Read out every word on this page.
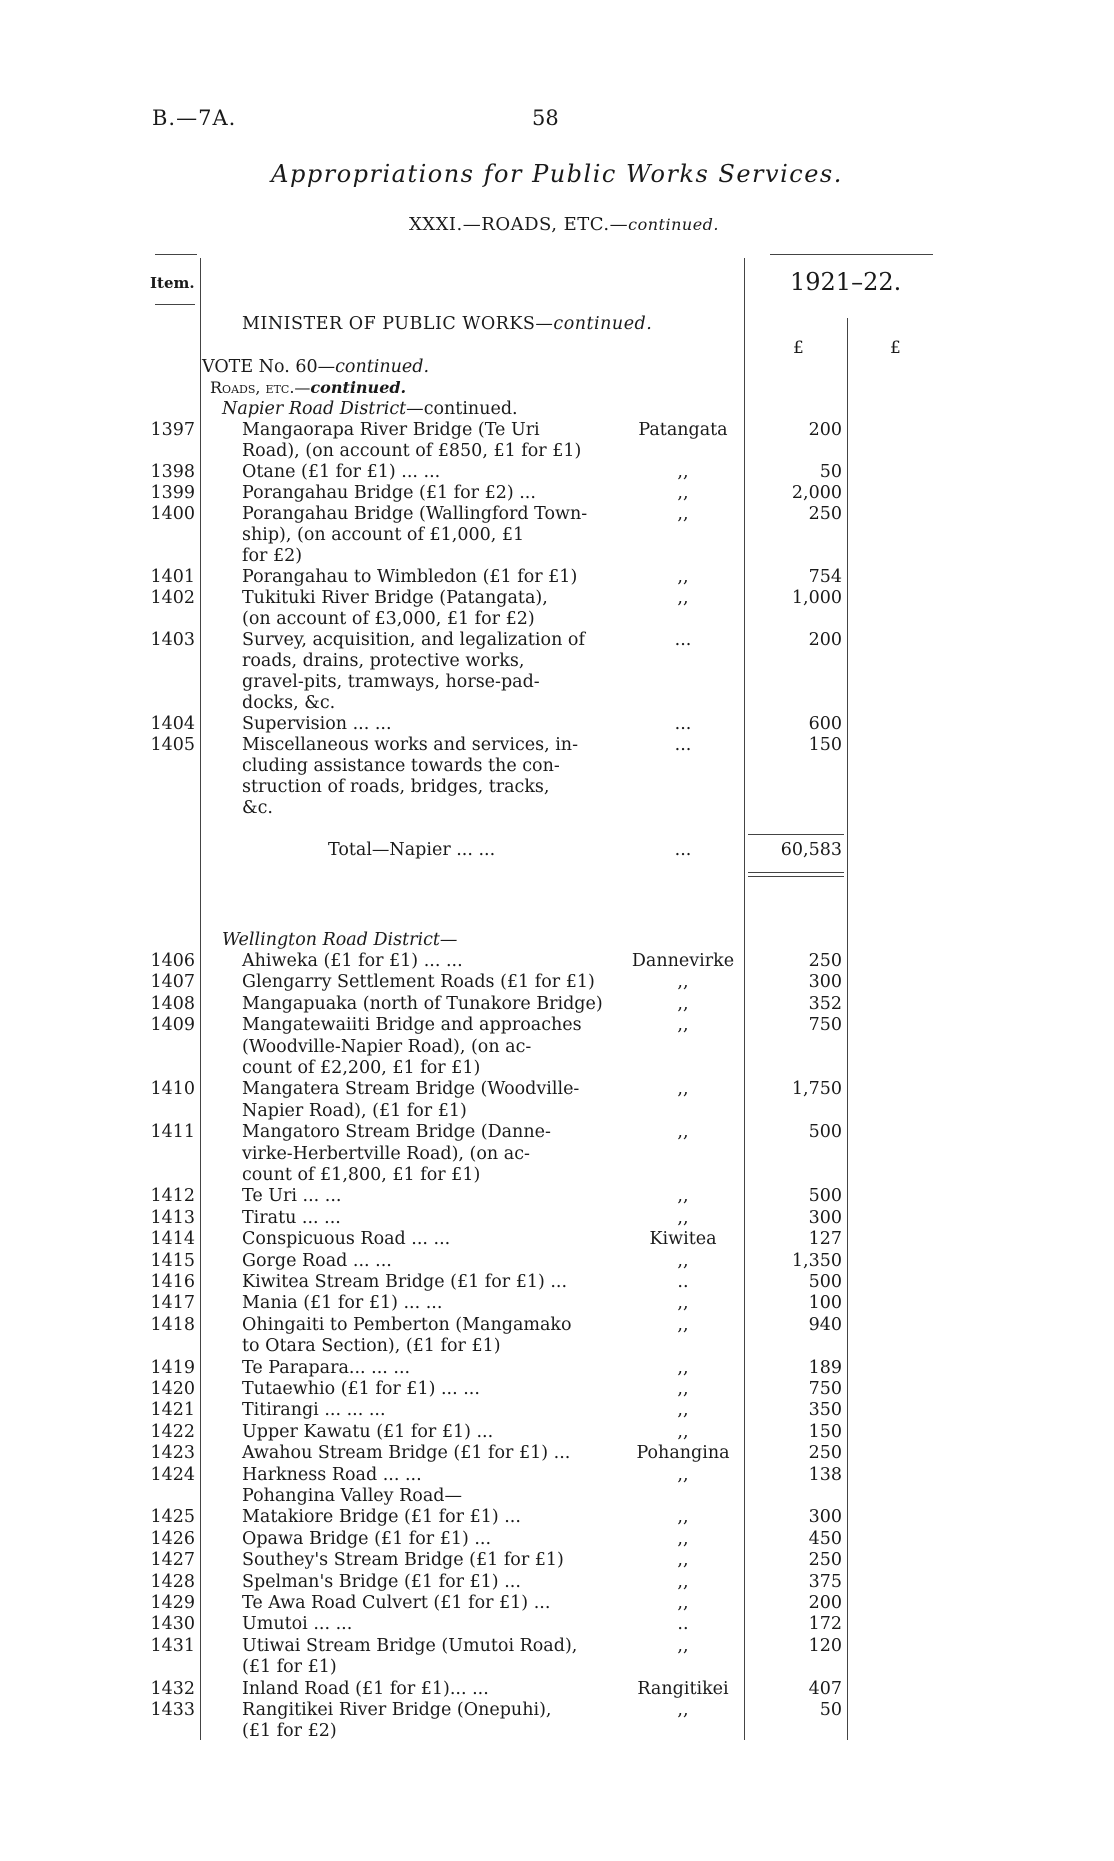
B.—7A.	58
Appropriations for Public Works Services.
XXXI.—ROADS, ETC.—continued.
Item.	1921–22.
£	£
MINISTER OF PUBLIC WORKS—continued.
VOTE No. 60—continued.
Roads, etc.—continued.
Napier Road District—continued.
1397	Mangaorapa River Bridge (Te Uri
Road), (on account of £850, £1 for £1)
Patangata	200
1398	Otane (£1 for £1) ... ...	,,	50
1399	Porangahau Bridge (£1 for £2) ...	,,	2,000
1400	Porangahau Bridge (Wallingford Town-
ship), (on account of £1,000, £1
for £2)
,,	250
1401	Porangahau to Wimbledon (£1 for £1)	,,	754
1402	Tukituki River Bridge (Patangata),
(on account of £3,000, £1 for £2)
,,	1,000
1403	Survey, acquisition, and legalization of
roads, drains, protective works,
gravel-pits, tramways, horse-pad-
docks, &c.
...	200
1404	Supervision ... ...	...	600
1405	Miscellaneous works and services, in-
cluding assistance towards the con-
struction of roads, bridges, tracks,
&c.
...	150
Total—Napier ... ...	...	60,583
Wellington Road District—
1406	Ahiweka (£1 for £1) ... ...	Dannevirke	250
1407	Glengarry Settlement Roads (£1 for £1)	,,	300
1408	Mangapuaka (north of Tunakore Bridge)	,,	352
1409	Mangatewaiiti Bridge and approaches
(Woodville-Napier Road), (on ac-
count of £2,200, £1 for £1)
,,	750
1410	Mangatera Stream Bridge (Woodville-
Napier Road), (£1 for £1)
,,	1,750
1411	Mangatoro Stream Bridge (Danne-
virke-Herbertville Road), (on ac-
count of £1,800, £1 for £1)
,,	500
1412	Te Uri ... ...	,,	500
1413	Tiratu ... ...	,,	300
1414	Conspicuous Road ... ...	Kiwitea	127
1415	Gorge Road ... ...	,,	1,350
1416	Kiwitea Stream Bridge (£1 for £1) ...	..	500
1417	Mania (£1 for £1) ... ...	,,	100
1418	Ohingaiti to Pemberton (Mangamako
to Otara Section), (£1 for £1)
,,	940
1419	Te Parapara... ... ...	,,	189
1420	Tutaewhio (£1 for £1) ... ...	,,	750
1421	Titirangi ... ... ...	,,	350
1422	Upper Kawatu (£1 for £1) ...	,,	150
1423	Awahou Stream Bridge (£1 for £1) ...	Pohangina	250
1424	Harkness Road ... ...	,,	138
Pohangina Valley Road—
1425	Matakiore Bridge (£1 for £1) ...	,,	300
1426	Opawa Bridge (£1 for £1) ...	,,	450
1427	Southey's Stream Bridge (£1 for £1)	,,	250
1428	Spelman's Bridge (£1 for £1) ...	,,	375
1429	Te Awa Road Culvert (£1 for £1) ...	,,	200
1430	Umutoi ... ...	..	172
1431	Utiwai Stream Bridge (Umutoi Road),
(£1 for £1)
,,	120
1432	Inland Road (£1 for £1)... ...	Rangitikei	407
1433	Rangitikei River Bridge (Onepuhi),
(£1 for £2)
,,	50
